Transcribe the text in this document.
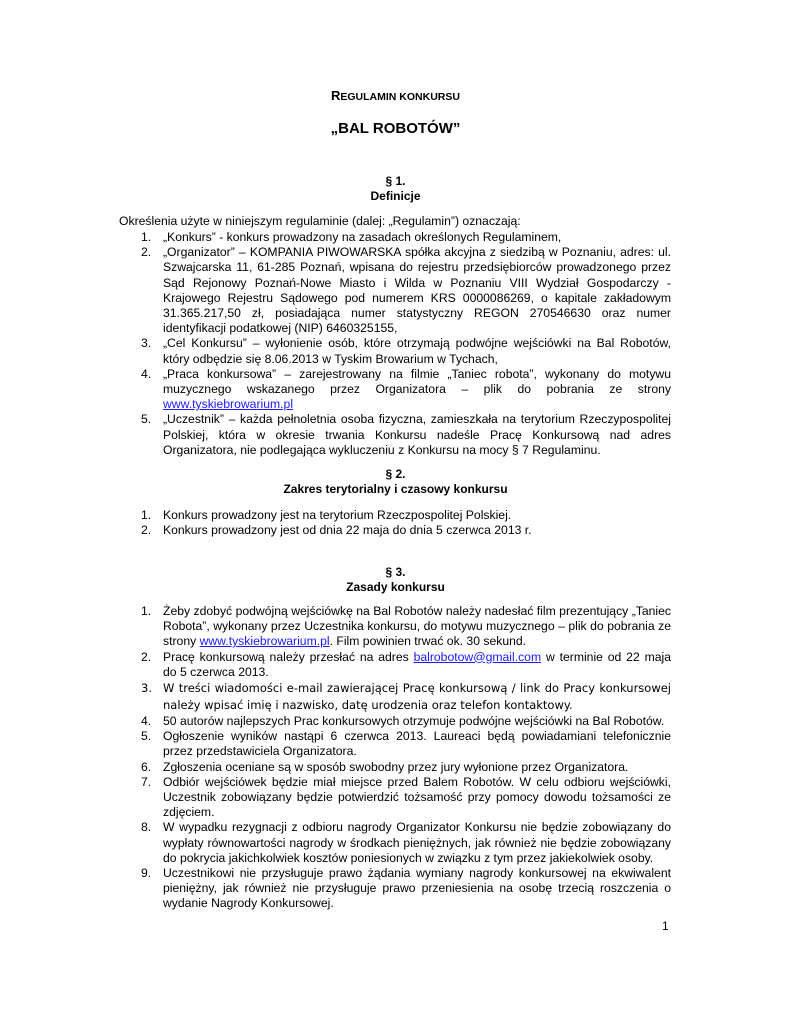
REGULAMIN KONKURSU
„BAL ROBOTÓW”
§ 1.
Definicje
Określenia użyte w niniejszym regulaminie (dalej: „Regulamin”) oznaczają:
1. „Konkurs” - konkurs prowadzony na zasadach określonych Regulaminem,
2. „Organizator” – KOMPANIA PIWOWARSKA spółka akcyjna z siedzibą w Poznaniu, adres: ul. Szwajcarska 11, 61-285 Poznań, wpisana do rejestru przedsiębiorców prowadzonego przez Sąd Rejonowy Poznań-Nowe Miasto i Wilda w Poznaniu VIII Wydział Gospodarczy - Krajowego Rejestru Sądowego pod numerem KRS 0000086269, o kapitale zakładowym 31.365.217,50 zł, posiadająca numer statystyczny REGON 270546630 oraz numer identyfikacji podatkowej (NIP) 6460325155,
3. „Cel Konkursu” – wyłonienie osób, które otrzymają podwójne wejściówki na Bal Robotów, który odbędzie się 8.06.2013 w Tyskim Browarium w Tychach,
4. „Praca konkursowa” – zarejestrowany na filmie „Taniec robota”, wykonany do motywu muzycznego wskazanego przez Organizatora – plik do pobrania ze strony www.tyskiebrowarium.pl
5. „Uczestnik” – każda pełnoletnia osoba fizyczna, zamieszkała na terytorium Rzeczypospolitej Polskiej, która w okresie trwania Konkursu nadeśle Pracę Konkursową nad adres Organizatora, nie podlegająca wykluczeniu z Konkursu na mocy § 7 Regulaminu.
§ 2.
Zakres terytorialny i czasowy konkursu
1. Konkurs prowadzony jest na terytorium Rzeczpospolitej Polskiej.
2. Konkurs prowadzony jest od dnia 22 maja do dnia 5 czerwca 2013 r.
§ 3.
Zasady konkursu
1. Żeby zdobyć podwójną wejściówkę na Bal Robotów należy nadesłać film prezentujący „Taniec Robota”, wykonany przez Uczestnika konkursu, do motywu muzycznego – plik do pobrania ze strony www.tyskiebrowarium.pl. Film powinien trwać ok. 30 sekund.
2. Pracę konkursową należy przesłać na adres balrobotow@gmail.com w terminie od 22 maja do 5 czerwca 2013.
3. W treści wiadomości e-mail zawierającej Pracę konkursową / link do Pracy konkursowej należy wpisać imię i nazwisko, datę urodzenia oraz telefon kontaktowy.
4. 50 autorów najlepszych Prac konkursowych otrzymuje podwójne wejściówki na Bal Robotów.
5. Ogłoszenie wyników nastąpi 6 czerwca 2013. Laureaci będą powiadamiani telefonicznie przez przedstawiciela Organizatora.
6. Zgłoszenia oceniane są w sposób swobodny przez jury wyłonione przez Organizatora.
7. Odbiór wejściówek będzie miał miejsce przed Balem Robotów. W celu odbioru wejściówki, Uczestnik zobowiązany będzie potwierdzić tożsamość przy pomocy dowodu tożsamości ze zdjęciem.
8. W wypadku rezygnacji z odbioru nagrody Organizator Konkursu nie będzie zobowiązany do wypłaty równowartości nagrody w środkach pieniężnych, jak również nie będzie zobowiązany do pokrycia jakichkolwiek kosztów poniesionych w związku z tym przez jakiekolwiek osoby.
9. Uczestnikowi nie przysługuje prawo żądania wymiany nagrody konkursowej na ekwiwalent pieniężny, jak również nie przysługuje prawo przeniesienia na osobę trzecią roszczenia o wydanie Nagrody Konkursowej.
1
